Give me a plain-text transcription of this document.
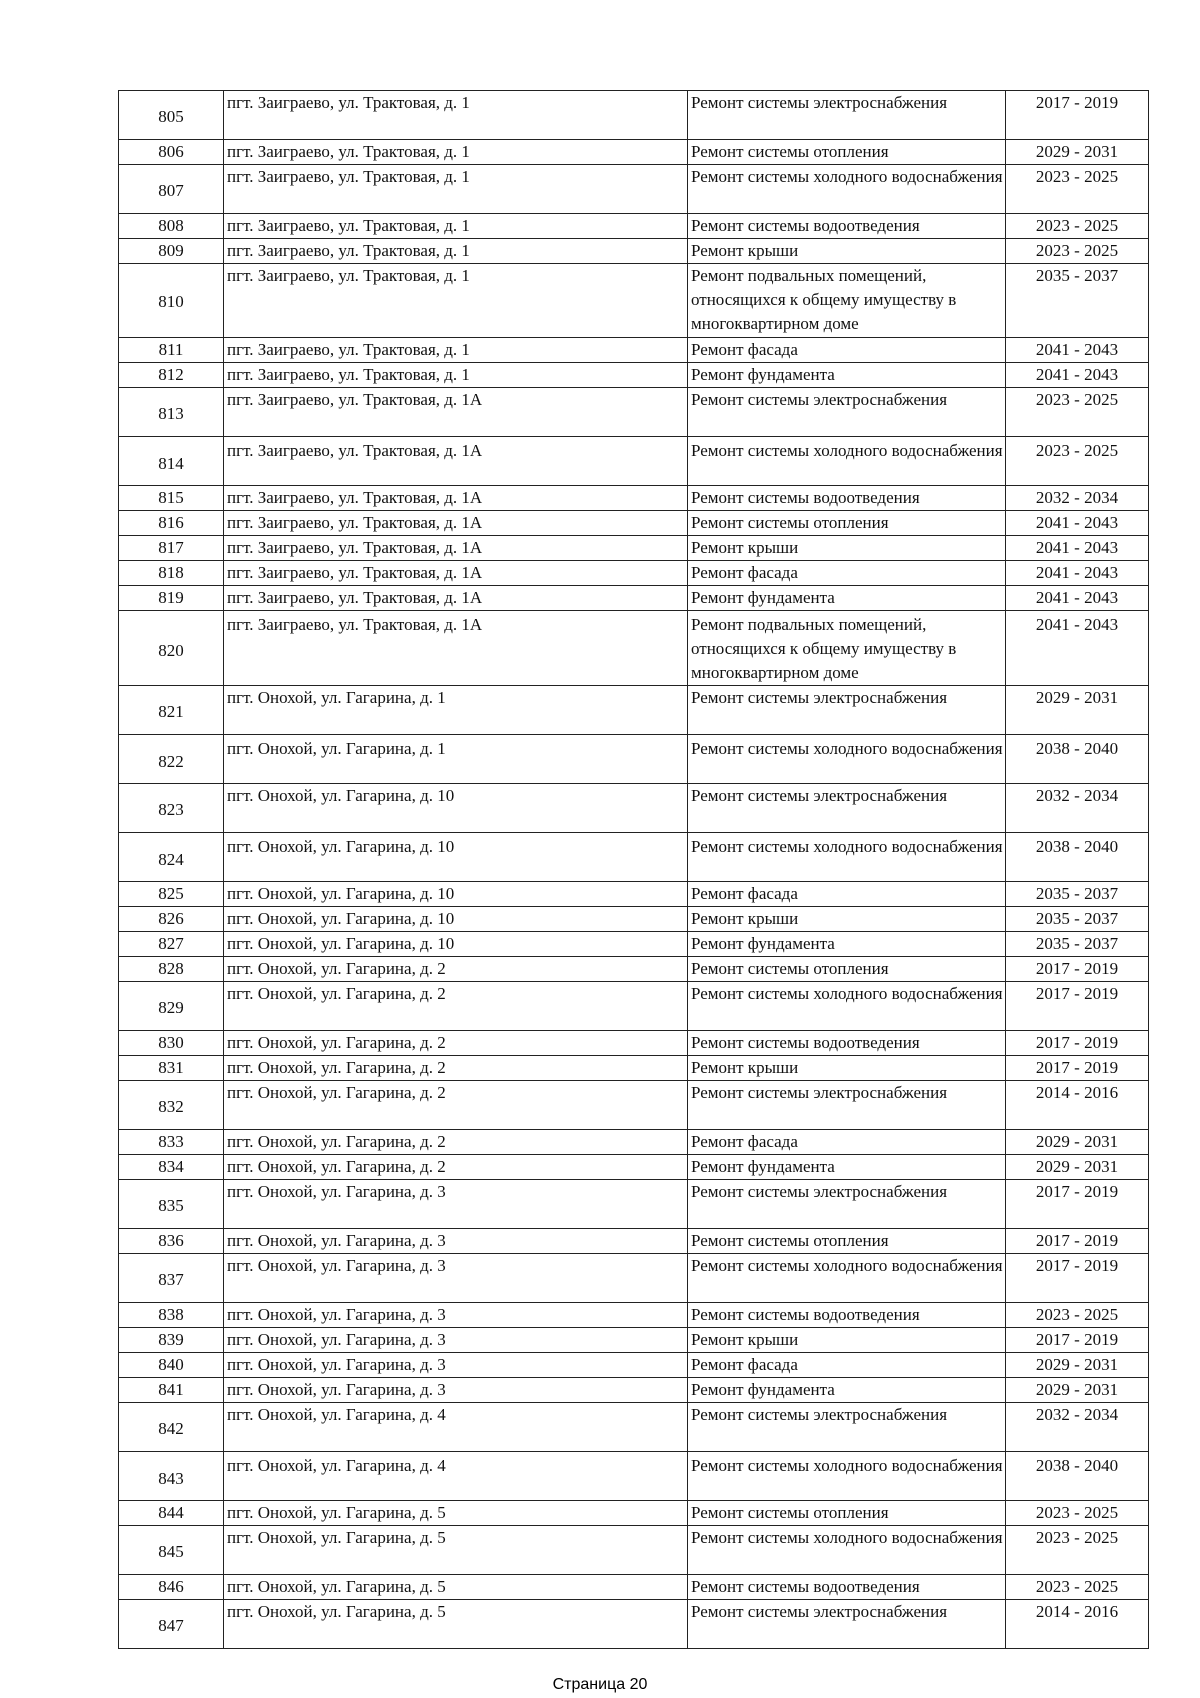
805	пгт. Заиграево, ул. Трактовая, д. 1	Ремонт системы электроснабжения	2017 - 2019
806	пгт. Заиграево, ул. Трактовая, д. 1	Ремонт системы отопления	2029 - 2031
807	пгт. Заиграево, ул. Трактовая, д. 1	Ремонт системы холодного водоснабжения	2023 - 2025
808	пгт. Заиграево, ул. Трактовая, д. 1	Ремонт системы водоотведения	2023 - 2025
809	пгт. Заиграево, ул. Трактовая, д. 1	Ремонт крыши	2023 - 2025
810	пгт. Заиграево, ул. Трактовая, д. 1	Ремонт подвальных помещений, относящихся к общему имуществу в многоквартирном доме	2035 - 2037
811	пгт. Заиграево, ул. Трактовая, д. 1	Ремонт фасада	2041 - 2043
812	пгт. Заиграево, ул. Трактовая, д. 1	Ремонт фундамента	2041 - 2043
813	пгт. Заиграево, ул. Трактовая, д. 1А	Ремонт системы электроснабжения	2023 - 2025
814	пгт. Заиграево, ул. Трактовая, д. 1А	Ремонт системы холодного водоснабжения	2023 - 2025
815	пгт. Заиграево, ул. Трактовая, д. 1А	Ремонт системы водоотведения	2032 - 2034
816	пгт. Заиграево, ул. Трактовая, д. 1А	Ремонт системы отопления	2041 - 2043
817	пгт. Заиграево, ул. Трактовая, д. 1А	Ремонт крыши	2041 - 2043
818	пгт. Заиграево, ул. Трактовая, д. 1А	Ремонт фасада	2041 - 2043
819	пгт. Заиграево, ул. Трактовая, д. 1А	Ремонт фундамента	2041 - 2043
820	пгт. Заиграево, ул. Трактовая, д. 1А	Ремонт подвальных помещений, относящихся к общему имуществу в многоквартирном доме	2041 - 2043
821	пгт. Онохой, ул. Гагарина, д. 1	Ремонт системы электроснабжения	2029 - 2031
822	пгт. Онохой, ул. Гагарина, д. 1	Ремонт системы холодного водоснабжения	2038 - 2040
823	пгт. Онохой, ул. Гагарина, д. 10	Ремонт системы электроснабжения	2032 - 2034
824	пгт. Онохой, ул. Гагарина, д. 10	Ремонт системы холодного водоснабжения	2038 - 2040
825	пгт. Онохой, ул. Гагарина, д. 10	Ремонт фасада	2035 - 2037
826	пгт. Онохой, ул. Гагарина, д. 10	Ремонт крыши	2035 - 2037
827	пгт. Онохой, ул. Гагарина, д. 10	Ремонт фундамента	2035 - 2037
828	пгт. Онохой, ул. Гагарина, д. 2	Ремонт системы отопления	2017 - 2019
829	пгт. Онохой, ул. Гагарина, д. 2	Ремонт системы холодного водоснабжения	2017 - 2019
830	пгт. Онохой, ул. Гагарина, д. 2	Ремонт системы водоотведения	2017 - 2019
831	пгт. Онохой, ул. Гагарина, д. 2	Ремонт крыши	2017 - 2019
832	пгт. Онохой, ул. Гагарина, д. 2	Ремонт системы электроснабжения	2014 - 2016
833	пгт. Онохой, ул. Гагарина, д. 2	Ремонт фасада	2029 - 2031
834	пгт. Онохой, ул. Гагарина, д. 2	Ремонт фундамента	2029 - 2031
835	пгт. Онохой, ул. Гагарина, д. 3	Ремонт системы электроснабжения	2017 - 2019
836	пгт. Онохой, ул. Гагарина, д. 3	Ремонт системы отопления	2017 - 2019
837	пгт. Онохой, ул. Гагарина, д. 3	Ремонт системы холодного водоснабжения	2017 - 2019
838	пгт. Онохой, ул. Гагарина, д. 3	Ремонт системы водоотведения	2023 - 2025
839	пгт. Онохой, ул. Гагарина, д. 3	Ремонт крыши	2017 - 2019
840	пгт. Онохой, ул. Гагарина, д. 3	Ремонт фасада	2029 - 2031
841	пгт. Онохой, ул. Гагарина, д. 3	Ремонт фундамента	2029 - 2031
842	пгт. Онохой, ул. Гагарина, д. 4	Ремонт системы электроснабжения	2032 - 2034
843	пгт. Онохой, ул. Гагарина, д. 4	Ремонт системы холодного водоснабжения	2038 - 2040
844	пгт. Онохой, ул. Гагарина, д. 5	Ремонт системы отопления	2023 - 2025
845	пгт. Онохой, ул. Гагарина, д. 5	Ремонт системы холодного водоснабжения	2023 - 2025
846	пгт. Онохой, ул. Гагарина, д. 5	Ремонт системы водоотведения	2023 - 2025
847	пгт. Онохой, ул. Гагарина, д. 5	Ремонт системы электроснабжения	2014 - 2016
Страница 20
